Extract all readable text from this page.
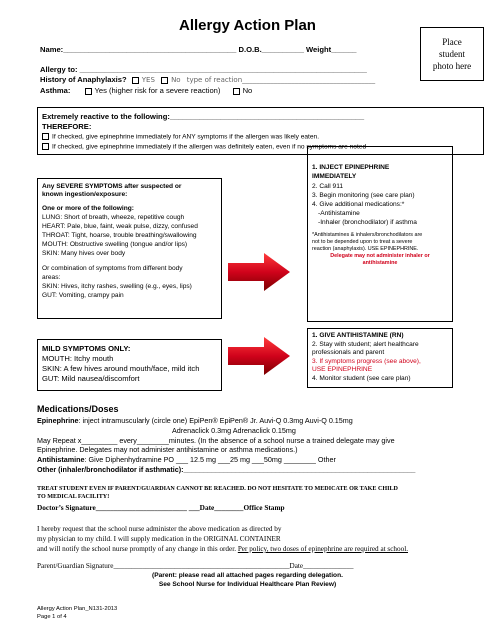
Allergy Action Plan
Place
student
photo here
Name:_________________________________________ D.O.B.__________ Weight______
Allergy to: ____________________________________________________________________
History of Anaphylaxis? YES No type of reaction______________________________________
Asthma:	Yes (higher risk for a severe reaction)	No
Extremely reactive to the following:______________________________________________
THEREFORE:
If checked, give epinephrine immediately for ANY symptoms if the allergen was likely eaten.
If checked, give epinephrine immediately if the allergen was definitely eaten, even if no symptoms are noted
Any SEVERE SYMPTOMS after suspected or
known ingestion/exposure:
One or more of the following:
LUNG: Short of breath, wheeze, repetitive cough
HEART: Pale, blue, faint, weak pulse, dizzy, confused
THROAT: Tight, hoarse, trouble breathing/swallowing
MOUTH: Obstructive swelling (tongue and/or lips)
SKIN: Many hives over body
Or combination of symptoms from different body
areas:
SKIN: Hives, itchy rashes, swelling (e.g., eyes, lips)
GUT: Vomiting, crampy pain
1. INJECT EPINEPHRINE
IMMEDIATELY
2. Call 911
3. Begin monitoring (see care plan)
4. Give additional medications:*
-Antihistamine
-Inhaler (bronchodilator) if asthma
*Antihistamines & inhalers/bronchodilators are
not to be depended upon to treat a severe
reaction (anaphylaxis). USE EPINEPHRINE.
Delegate may not administer inhaler or
antihistamine
MILD SYMPTOMS ONLY:
MOUTH: Itchy mouth
SKIN: A few hives around mouth/face, mild itch
GUT: Mild nausea/discomfort
1. GIVE ANTIHISTAMINE (RN)
2. Stay with student; alert healthcare
professionals and parent
3. If symptoms progress (see above),
USE EPINEPHRINE
4. Monitor student (see care plan)
Medications/Doses
Epinephrine: inject intramuscularly (circle one) EpiPen® EpiPen® Jr. Auvi-Q 0.3mg Auvi-Q 0.15mg
Adrenaclick 0.3mg Adrenaclick 0.15mg
May Repeat x_________ every________minutes. (In the absence of a school nurse a trained delegate may give
Epinephrine. Delegates may not administer antihistamine or asthma medications.)
Antihistamine: Give Diphenhydramine PO ___ 12.5 mg ___25 mg ___50mg ________ Other
Other (inhaler/bronchodilator if asthmatic):__________________________________________________________
TREAT STUDENT EVEN IF PARENT/GUARDIAN CANNOT BE REACHED. DO NOT HESITATE TO MEDICATE OR TAKE CHILD
TO MEDICAL FACILITY!
Doctor’s Signature_________________________ ___Date________Office Stamp
I hereby request that the school nurse administer the above medication as directed by
my physician to my child. I will supply medication in the ORIGINAL CONTAINER
and will notify the school nurse promptly of any change in this order. Per policy, two doses of epinephrine are required at school.
Parent/Guardian Signature_________________________________________________Date______________
(Parent: please read all attached pages regarding delegation.
See School Nurse for Individual Healthcare Plan Review)
Allergy Action Plan_N131-2013
Page 1 of 4
